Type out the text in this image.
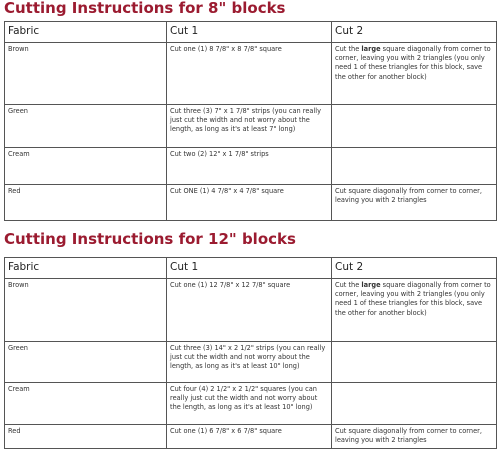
Cutting Instructions for 8" blocks
Fabric	Cut 1	Cut 2
Brown	Cut one (1) 8 7/8" x 8 7/8" square	Cut the large square diagonally from corner to corner, leaving you with 2 triangles (you only need 1 of these triangles for this block, save the other for another block)
Green	Cut three (3) 7" x 1 7/8" strips (you can really just cut the width and not worry about the length, as long as it's at least 7" long)	
Cream	Cut two (2) 12" x 1 7/8" strips	
Red	Cut ONE (1) 4 7/8" x 4 7/8" square	Cut square diagonally from corner to corner, leaving you with 2 triangles
Cutting Instructions for 12" blocks
Fabric	Cut 1	Cut 2
Brown	Cut one (1) 12 7/8" x 12 7/8" square	Cut the large square diagonally from corner to corner, leaving you with 2 triangles (you only need 1 of these triangles for this block, save the other for another block)
Green	Cut three (3) 14" x 2 1/2" strips (you can really just cut the width and not worry about the length, as long as it's at least 10" long)	
Cream	Cut four (4) 2 1/2" x 2 1/2" squares (you can really just cut the width and not worry about the length, as long as it's at least 10" long)	
Red	Cut one (1) 6 7/8" x 6 7/8" square	Cut square diagonally from corner to corner, leaving you with 2 triangles
